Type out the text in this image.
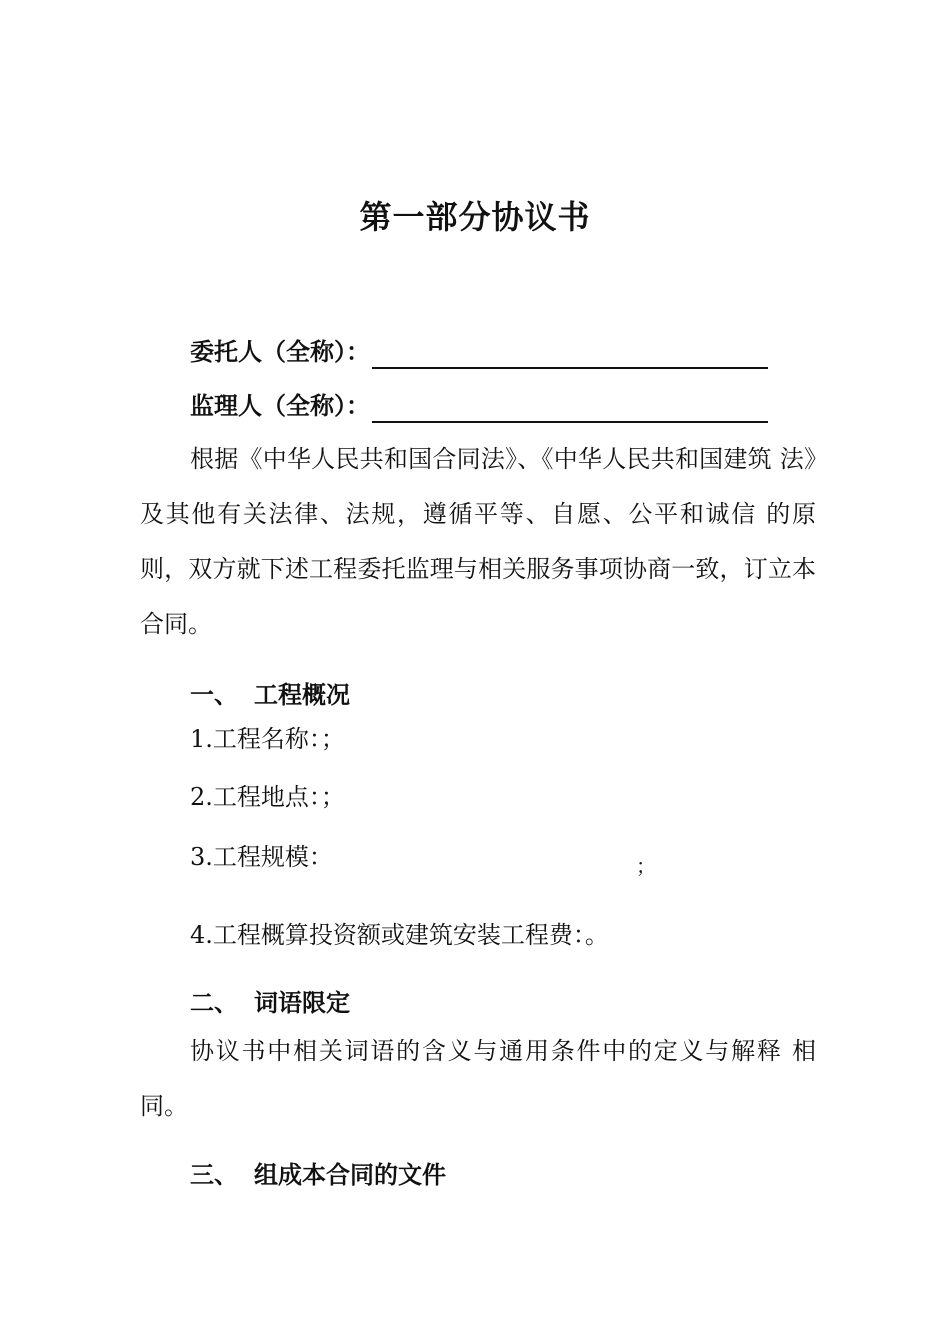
第一部分协议书
委托人（全称）：
监理人（全称）：
根据《中华人民共和国合同法》、《中华人民共和国建筑 法》及其他有关法律、法规，遵循平等、自愿、公平和诚信 的原则，双方就下述工程委托监理与相关服务事项协商一致，订立本合同。
一、 工程概况
1.工程名称：；
2.工程地点：；
3.工程规模：	；
4.工程概算投资额或建筑安装工程费：。
二、 词语限定
协议书中相关词语的含义与通用条件中的定义与解释 相同。
三、 组成本合同的文件
